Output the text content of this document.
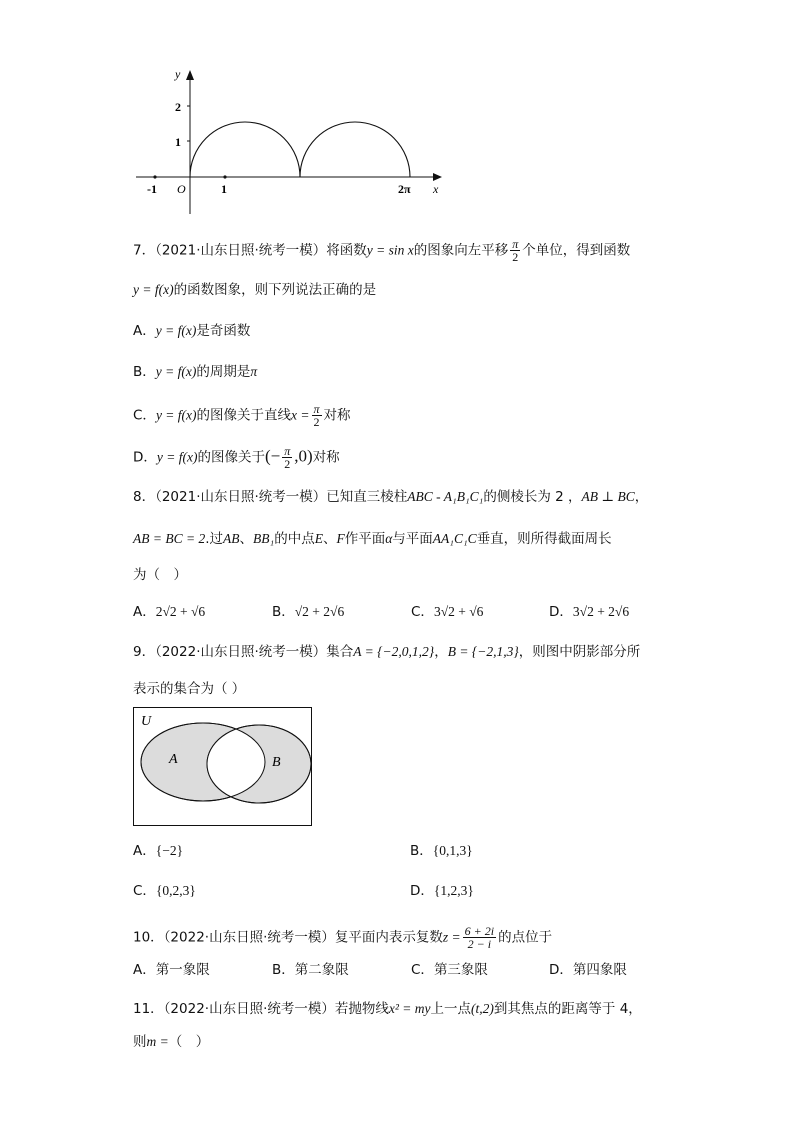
y
x
O
2
1
-1	1	2π
7．（2021·山东日照·统考一模）将函数y = sin x的图象向左平移 $\frac{\pi}{2}$ 个单位，得到函数
y = f(x)的函数图象，则下列说法正确的是
A．y = f(x)是奇函数
B．y = f(x)的周期是π
C．y = f(x)的图像关于直线$x = \frac{\pi}{2}$ 对称
D．y = f(x)的图像关于(− $\frac{\pi}{2} ,0$)对称
8．（2021·山东日照·统考一模）已知直三棱柱ABC - A₁B₁C₁的侧棱长为 2 ，AB ⊥ BC，
AB = BC = 2.过AB、BB₁的中点E、F作平面α与平面AA₁C₁C垂直，则所得截面周长
为（　）
A．2√2 + √6	B．√2 + 2√6	C．3√2 + √6	D．3√2 + 2√6
9．（2022·山东日照·统考一模）集合A = {−2,0,1,2}，B = {−2,1,3}，则图中阴影部分所
表示的集合为（ ）
U
A	B
A．{−2}	B．{0,1,3}
C．{0,2,3}	D．{1,2,3}
10．（2022·山东日照·统考一模）复平面内表示复数$z = \frac{6 + 2i}{2 - i}$ 的点位于
A．第一象限	B．第二象限	C．第三象限	D．第四象限
11．（2022·山东日照·统考一模）若抛物线x² = my上一点(t,2)到其焦点的距离等于 4，
则m =（　）
